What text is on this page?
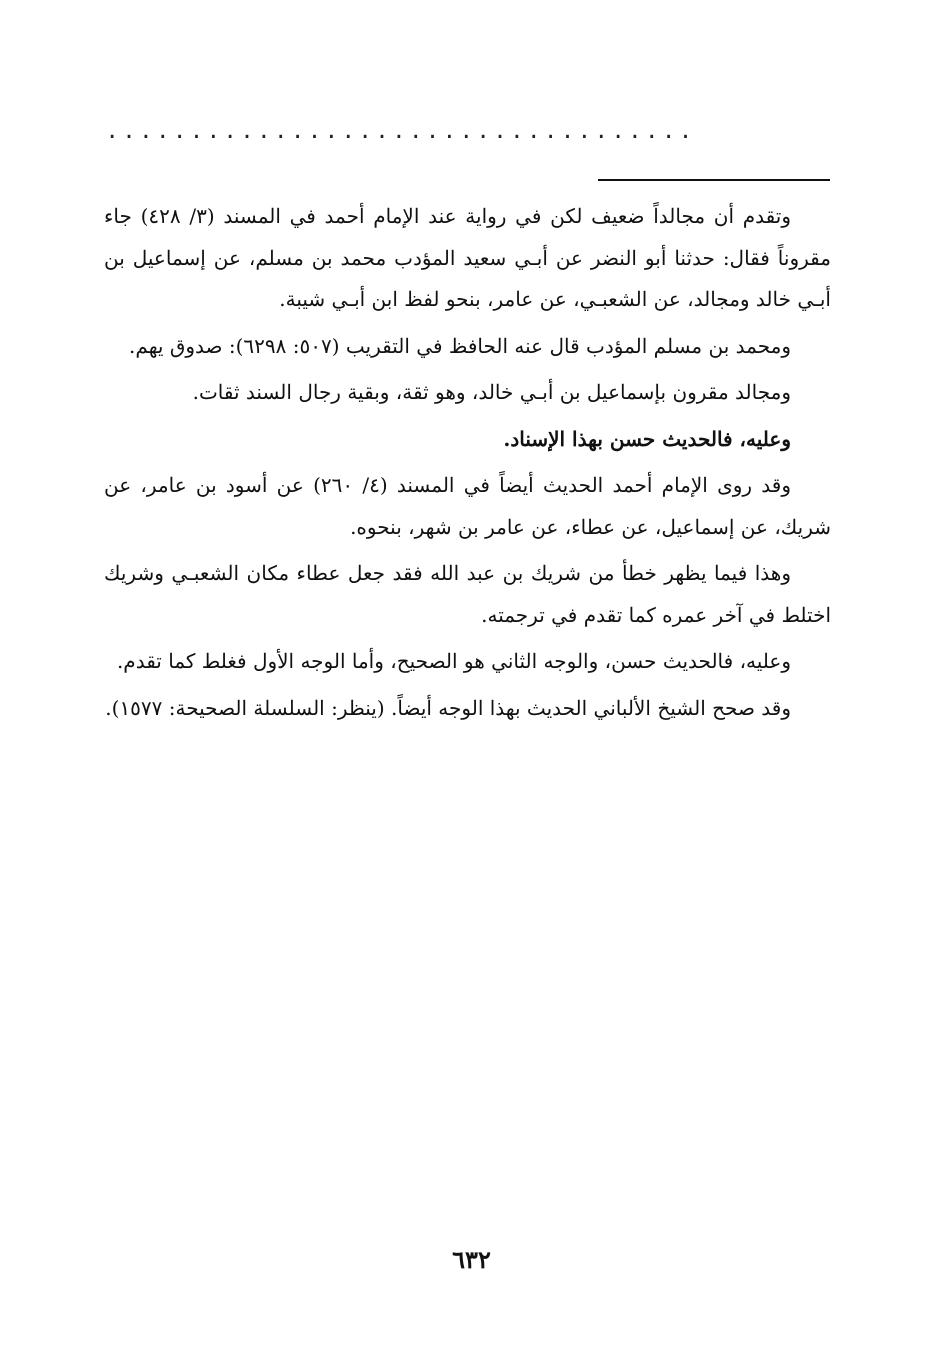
...................................

وتقدم أن مجالداً ضعيف لكن في رواية عند الإمام أحمد في المسند (٣/ ٤٢٨) جاء مقروناً فقال: حدثنا أبو النضر عن أبـي سعيد المؤدب محمد بن مسلم، عن إسماعيل بن أبـي خالد ومجالد، عن الشعبـي، عن عامر، بنحو لفظ ابن أبـي شيبة.

ومحمد بن مسلم المؤدب قال عنه الحافظ في التقريب (٥٠٧: ٦٢٩٨): صدوق يهم.

ومجالد مقرون بإسماعيل بن أبـي خالد، وهو ثقة، وبقية رجال السند ثقات.

وعليه، فالحديث حسن بهذا الإسناد.

وقد روى الإمام أحمد الحديث أيضاً في المسند (٤/ ٢٦٠) عن أسود بن عامر، عن شريك، عن إسماعيل، عن عطاء، عن عامر بن شهر، بنحوه.

وهذا فيما يظهر خطأ من شريك بن عبد الله فقد جعل عطاء مكان الشعبـي وشريك اختلط في آخر عمره كما تقدم في ترجمته.

وعليه، فالحديث حسن، والوجه الثاني هو الصحيح، وأما الوجه الأول فغلط كما تقدم.

وقد صحح الشيخ الألباني الحديث بهذا الوجه أيضاً. (ينظر: السلسلة الصحيحة: ١٥٧٧).

٦٣٢
